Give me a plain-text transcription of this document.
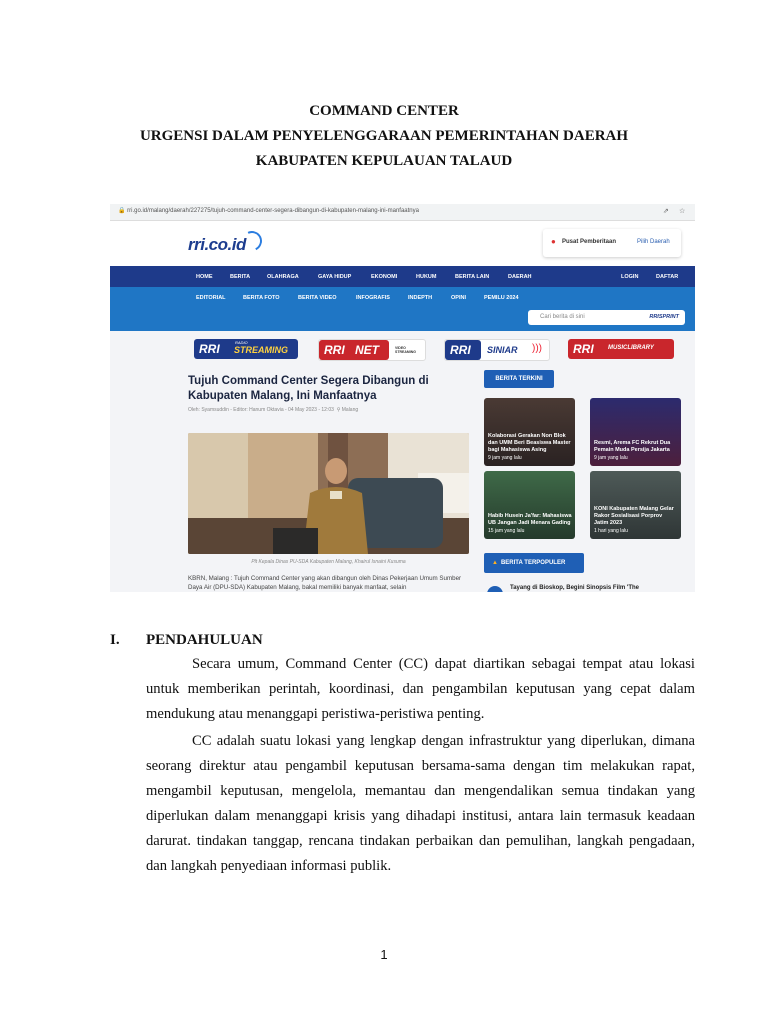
COMMAND CENTER
URGENSI DALAM PENYELENGGARAAN PEMERINTAHAN DAERAH
KABUPATEN KEPULAUAN TALAUD
🔒 rri.go.id/malang/daerah/227275/tujuh-command-center-segera-dibangun-di-kabupaten-malang-ini-manfaatnya	⇗ ☆
rri.co.id	● Pusat Pemberitaan	Pilih Daerah
HOME	BERITA	OLAHRAGA	GAYA HIDUP	EKONOMI	HUKUM	BERITA LAIN	DAERAH	LOGIN	DAFTAR
EDITORIAL	BERITA FOTO	BERITA VIDEO	INFOGRAFIS	INDEPTH	OPINI	PEMILU 2024
Cari berita di sini	RRISPRINT
RRI STREAMING
RADIO
RRI NET	VIDEO STREAMING	RRI SINIAR )))	RRI MUSICLIBRARY
Tujuh Command Center Segera Dibangun di Kabupaten Malang, Ini Manfaatnya
Oleh: Syamsuddin - Editor: Hanum Oktavia - 04 May 2023 - 12:03 ⚲ Malang
Plt Kepala Dinas PU-SDA Kabupaten Malang, Khairul Isnaini Kusuma
KBRN, Malang : Tujuh Command Center yang akan dibangun oleh Dinas Pekerjaan Umum Sumber Daya Air (DPU-SDA) Kabupaten Malang, bakal memiliki banyak manfaat, selain
BERITA TERKINI
Kolaborasi Gerakan Non Blok dan UMM Beri Beasiswa Master bagi Mahasiswa Asing
9 jam yang lalu
Resmi, Arema FC Rekrut Dua Pemain Muda Persija Jakarta
9 jam yang lalu
Habib Husein Ja'far: Mahasiswa UB Jangan Jadi Menara Gading
15 jam yang lalu
KONI Kabupaten Malang Gelar Rakor Sosialisasi Porprov Jatim 2023
1 hari yang lalu
▲ BERITA TERPOPULER
Tayang di Bioskop, Begini Sinopsis Film 'The
I. PENDAHULUAN
Secara umum, Command Center (CC) dapat diartikan sebagai tempat atau lokasi untuk memberikan perintah, koordinasi, dan pengambilan keputusan yang cepat dalam mendukung atau menanggapi peristiwa-peristiwa penting.
CC adalah suatu lokasi yang lengkap dengan infrastruktur yang diperlukan, dimana seorang direktur atau pengambil keputusan bersama-sama dengan tim melakukan rapat, mengambil keputusan, mengelola, memantau dan mengendalikan semua tindakan yang diperlukan dalam menanggapi krisis yang dihadapi institusi, antara lain termasuk keadaan darurat. tindakan tanggap, rencana tindakan perbaikan dan pemulihan, langkah pengadaan, dan langkah penyediaan informasi publik.
1
